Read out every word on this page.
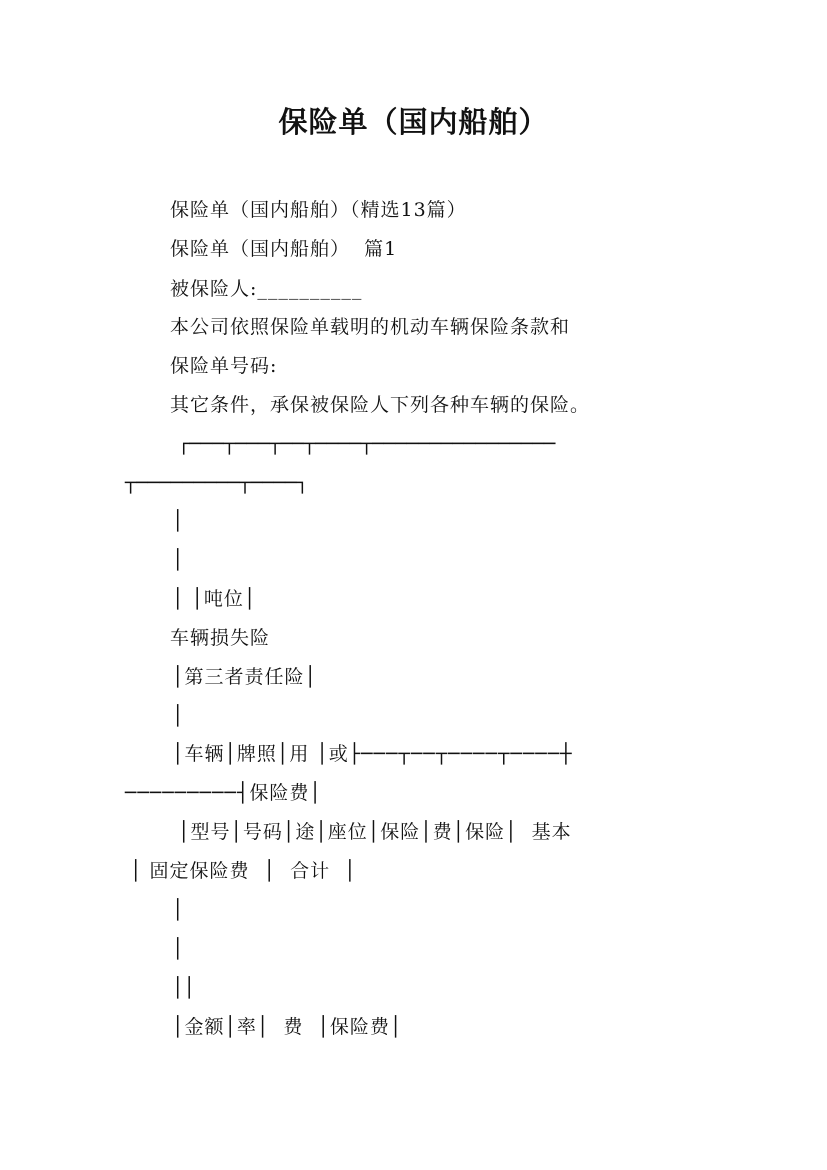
保险单（国内船舶）

保险单（国内船舶）（精选13篇）

保险单（国内船舶）  篇1

被保险人:__________

本公司依照保险单载明的机动车辆保险条款和

保险单号码:

其它条件，承保被保险人下列各种车辆的保险。

┌───┬───┬──┬────┬────────────────

┬─────────┬────┐

│

│

│ │吨位│

车辆损失险

│第三者责任险│

│

│车辆│牌照│用 │或├───┬──┬────┬────┼

─────────┤保险费│

│型号│号码│途│座位│保险│费│保险│  基本

│ 固定保险费  │  合计  │

│

│

││

│金额│率│  费  │保险费│
